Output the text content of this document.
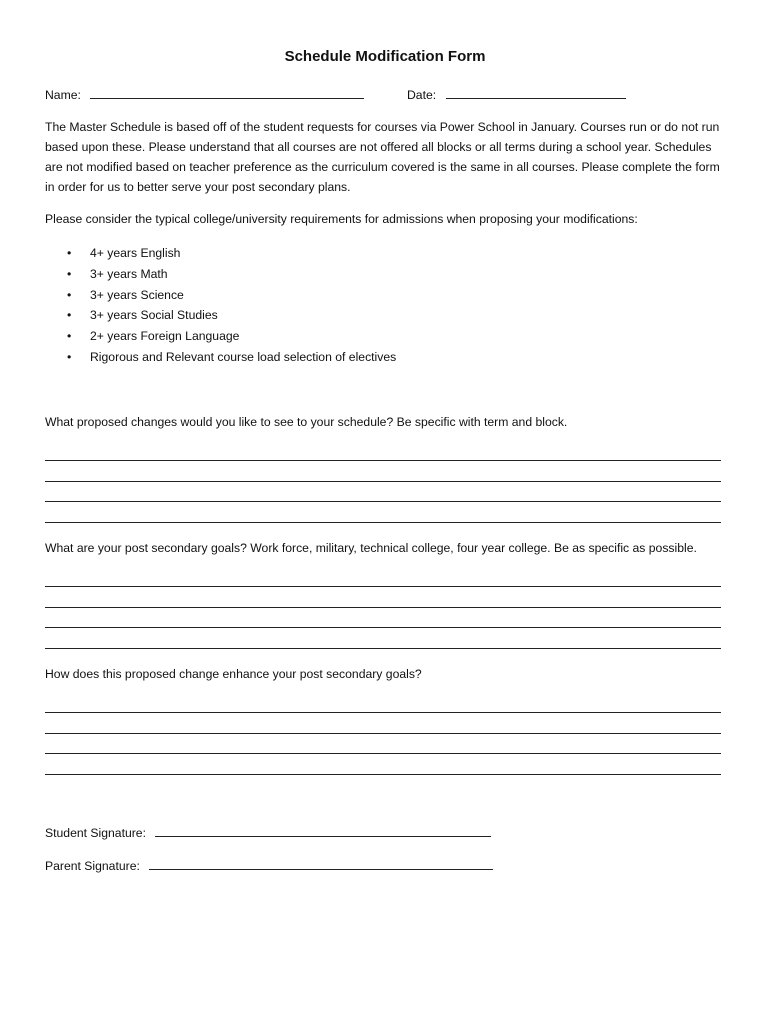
Schedule Modification Form
Name:	Date:
The Master Schedule is based off of the student requests for courses via Power School in January. Courses run or do not run based upon these. Please understand that all courses are not offered all blocks or all terms during a school year. Schedules are not modified based on teacher preference as the curriculum covered is the same in all courses. Please complete the form in order for us to better serve your post secondary plans.
Please consider the typical college/university requirements for admissions when proposing your modifications:
• 4+ years English
• 3+ years Math
• 3+ years Science
• 3+ years Social Studies
• 2+ years Foreign Language
• Rigorous and Relevant course load selection of electives
What proposed changes would you like to see to your schedule? Be specific with term and block.
What are your post secondary goals? Work force, military, technical college, four year college. Be as specific as possible.
How does this proposed change enhance your post secondary goals?
Student Signature:
Parent Signature:
